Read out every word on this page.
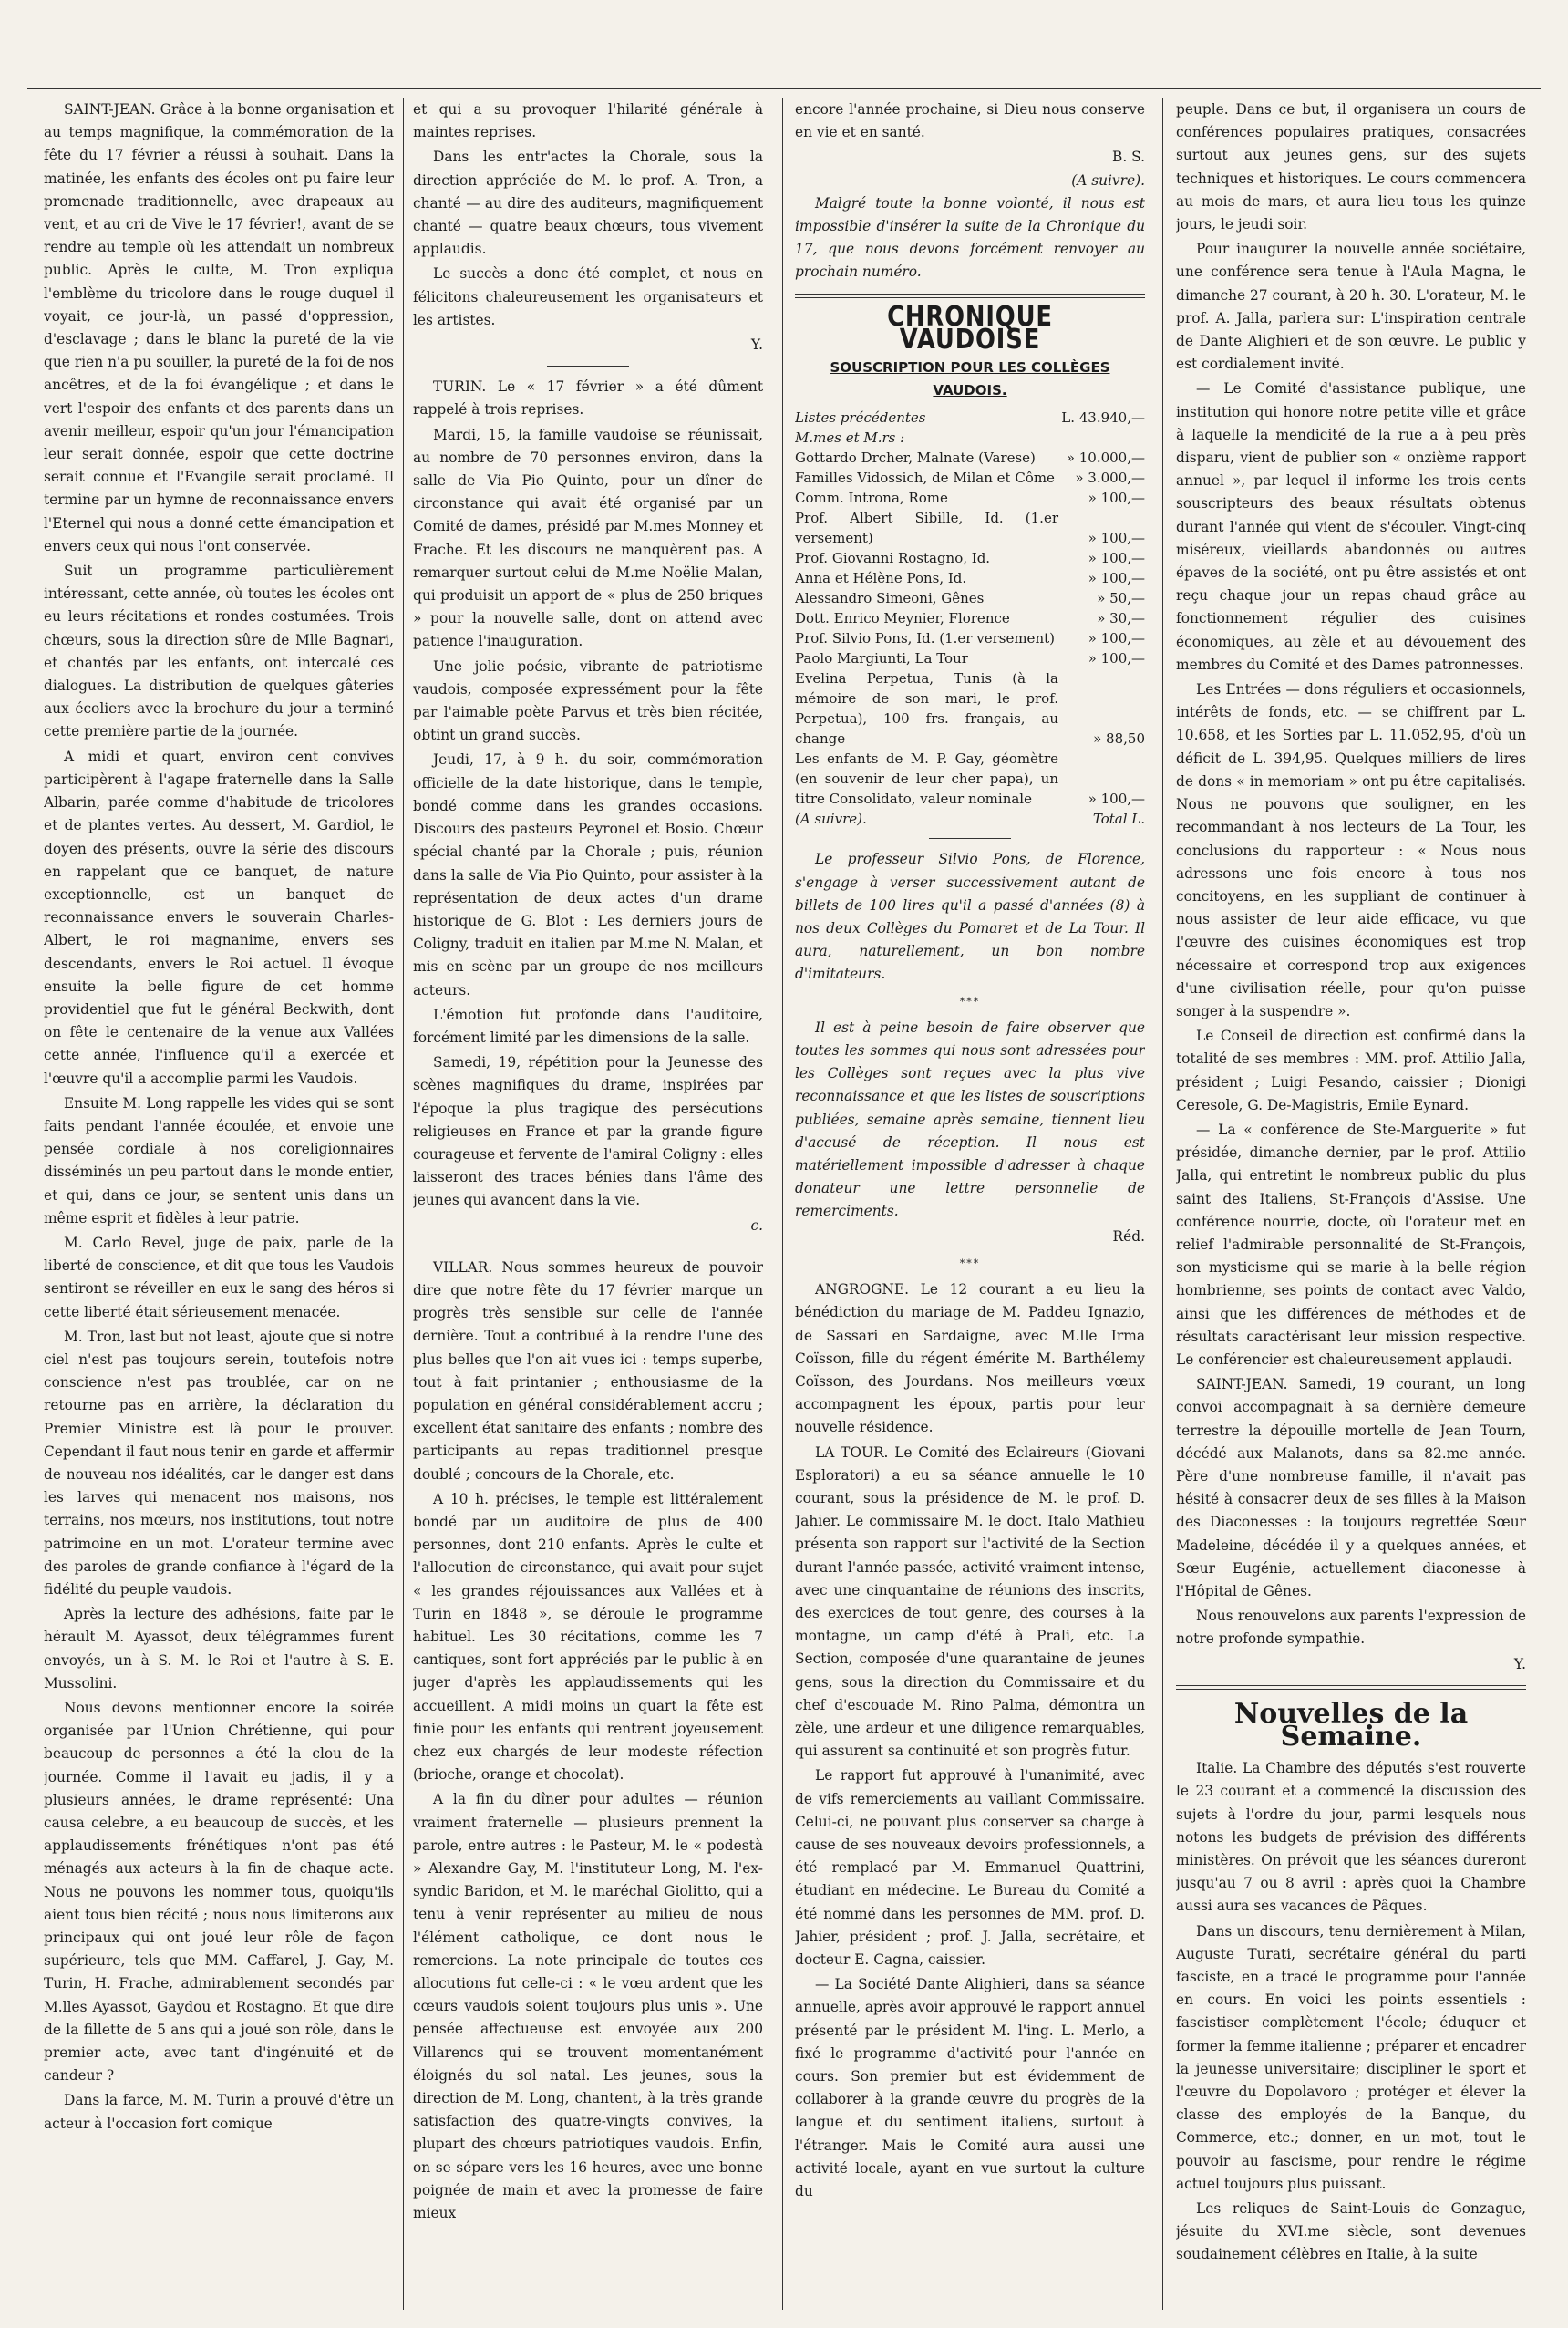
SAINT-JEAN. Grâce à la bonne organisation et au temps magnifique, la commémoration de la fête du 17 février a réussi à souhait. Dans la matinée, les enfants des écoles ont pu faire leur promenade traditionnelle, avec drapeaux au vent, et au cri de Vive le 17 février!, avant de se rendre au temple où les attendait un nombreux public. Après le culte, M. Tron expliqua l'emblème du tricolore dans le rouge duquel il voyait, ce jour-là, un passé d'oppression, d'esclavage ; dans le blanc la pureté de la vie que rien n'a pu souiller, la pureté de la foi de nos ancêtres, et de la foi évangélique ; et dans le vert l'espoir des enfants et des parents dans un avenir meilleur, espoir qu'un jour l'émancipation leur serait donnée, espoir que cette doctrine serait connue et l'Evangile serait proclamé. Il termine par un hymne de reconnaissance envers l'Eternel qui nous a donné cette émancipation et envers ceux qui nous l'ont conservée.

Suit un programme particulièrement intéressant, cette année, où toutes les écoles ont eu leurs récitations et rondes costumées. Trois chœurs, sous la direction sûre de Mlle Bagnari, et chantés par les enfants, ont intercalé ces dialogues. La distribution de quelques gâteries aux écoliers avec la brochure du jour a terminé cette première partie de la journée.

A midi et quart, environ cent convives participèrent à l'agape fraternelle dans la Salle Albarin, parée comme d'habitude de tricolores et de plantes vertes. Au dessert, M. Gardiol, le doyen des présents, ouvre la série des discours en rappelant que ce banquet, de nature exceptionnelle, est un banquet de reconnaissance envers le souverain Charles-Albert, le roi magnanime, envers ses descendants, envers le Roi actuel. Il évoque ensuite la belle figure de cet homme providentiel que fut le général Beckwith, dont on fête le centenaire de la venue aux Vallées cette année, l'influence qu'il a exercée et l'œuvre qu'il a accomplie parmi les Vaudois.

Ensuite M. Long rappelle les vides qui se sont faits pendant l'année écoulée, et envoie une pensée cordiale à nos coreligionnaires disséminés un peu partout dans le monde entier, et qui, dans ce jour, se sentent unis dans un même esprit et fidèles à leur patrie.

M. Carlo Revel, juge de paix, parle de la liberté de conscience, et dit que tous les Vaudois sentiront se réveiller en eux le sang des héros si cette liberté était sérieusement menacée.

M. Tron, last but not least, ajoute que si notre ciel n'est pas toujours serein, toutefois notre conscience n'est pas troublée, car on ne retourne pas en arrière, la déclaration du Premier Ministre est là pour le prouver. Cependant il faut nous tenir en garde et affermir de nouveau nos idéalités, car le danger est dans les larves qui menacent nos maisons, nos terrains, nos mœurs, nos institutions, tout notre patrimoine en un mot. L'orateur termine avec des paroles de grande confiance à l'égard de la fidélité du peuple vaudois.

Après la lecture des adhésions, faite par le hérault M. Ayassot, deux télégrammes furent envoyés, un à S. M. le Roi et l'autre à S. E. Mussolini.

Nous devons mentionner encore la soirée organisée par l'Union Chrétienne, qui pour beaucoup de personnes a été la clou de la journée. Comme il l'avait eu jadis, il y a plusieurs années, le drame représenté: Una causa celebre, a eu beaucoup de succès, et les applaudissements frénétiques n'ont pas été ménagés aux acteurs à la fin de chaque acte. Nous ne pouvons les nommer tous, quoiqu'ils aient tous bien récité ; nous nous limiterons aux principaux qui ont joué leur rôle de façon supérieure, tels que MM. Caffarel, J. Gay, M. Turin, H. Frache, admirablement secondés par M.lles Ayassot, Gaydou et Rostagno. Et que dire de la fillette de 5 ans qui a joué son rôle, dans le premier acte, avec tant d'ingénuité et de candeur ?

Dans la farce, M. M. Turin a prouvé d'être un acteur à l'occasion fort comique

et qui a su provoquer l'hilarité générale à maintes reprises.

Dans les entr'actes la Chorale, sous la direction appréciée de M. le prof. A. Tron, a chanté — au dire des auditeurs, magnifiquement chanté — quatre beaux chœurs, tous vivement applaudis.

Le succès a donc été complet, et nous en félicitons chaleureusement les organisateurs et les artistes.

Y.

TURIN. Le « 17 février » a été dûment rappelé à trois reprises.

Mardi, 15, la famille vaudoise se réunissait, au nombre de 70 personnes environ, dans la salle de Via Pio Quinto, pour un dîner de circonstance qui avait été organisé par un Comité de dames, présidé par M.mes Monney et Frache. Et les discours ne manquèrent pas. A remarquer surtout celui de M.me Noëlie Malan, qui produisit un apport de « plus de 250 briques » pour la nouvelle salle, dont on attend avec patience l'inauguration.

Une jolie poésie, vibrante de patriotisme vaudois, composée expressément pour la fête par l'aimable poète Parvus et très bien récitée, obtint un grand succès.

Jeudi, 17, à 9 h. du soir, commémoration officielle de la date historique, dans le temple, bondé comme dans les grandes occasions. Discours des pasteurs Peyronel et Bosio. Chœur spécial chanté par la Chorale ; puis, réunion dans la salle de Via Pio Quinto, pour assister à la représentation de deux actes d'un drame historique de G. Blot : Les derniers jours de Coligny, traduit en italien par M.me N. Malan, et mis en scène par un groupe de nos meilleurs acteurs.

L'émotion fut profonde dans l'auditoire, forcément limité par les dimensions de la salle.

Samedi, 19, répétition pour la Jeunesse des scènes magnifiques du drame, inspirées par l'époque la plus tragique des persécutions religieuses en France et par la grande figure courageuse et fervente de l'amiral Coligny : elles laisseront des traces bénies dans l'âme des jeunes qui avancent dans la vie.

c.

VILLAR. Nous sommes heureux de pouvoir dire que notre fête du 17 février marque un progrès très sensible sur celle de l'année dernière. Tout a contribué à la rendre l'une des plus belles que l'on ait vues ici : temps superbe, tout à fait printanier ; enthousiasme de la population en général considérablement accru ; excellent état sanitaire des enfants ; nombre des participants au repas traditionnel presque doublé ; concours de la Chorale, etc.

A 10 h. précises, le temple est littéralement bondé par un auditoire de plus de 400 personnes, dont 210 enfants. Après le culte et l'allocution de circonstance, qui avait pour sujet « les grandes réjouissances aux Vallées et à Turin en 1848 », se déroule le programme habituel. Les 30 récitations, comme les 7 cantiques, sont fort appréciés par le public à en juger d'après les applaudissements qui les accueillent. A midi moins un quart la fête est finie pour les enfants qui rentrent joyeusement chez eux chargés de leur modeste réfection (brioche, orange et chocolat).

A la fin du dîner pour adultes — réunion vraiment fraternelle — plusieurs prennent la parole, entre autres : le Pasteur, M. le « podestà » Alexandre Gay, M. l'instituteur Long, M. l'ex-syndic Baridon, et M. le maréchal Giolitto, qui a tenu à venir représenter au milieu de nous l'élément catholique, ce dont nous le remercions. La note principale de toutes ces allocutions fut celle-ci : « le vœu ardent que les cœurs vaudois soient toujours plus unis ». Une pensée affectueuse est envoyée aux 200 Villarencs qui se trouvent momentanément éloignés du sol natal. Les jeunes, sous la direction de M. Long, chantent, à la très grande satisfaction des quatre-vingts convives, la plupart des chœurs patriotiques vaudois. Enfin, on se sépare vers les 16 heures, avec une bonne poignée de main et avec la promesse de faire mieux

encore l'année prochaine, si Dieu nous conserve en vie et en santé.

B. S.
(A suivre).

Malgré toute la bonne volonté, il nous est impossible d'insérer la suite de la Chronique du 17, que nous devons forcément renvoyer au prochain numéro.

CHRONIQUE VAUDOISE
SOUSCRIPTION POUR LES COLLÈGES VAUDOIS.
Listes précédentes	L. 43.940,—
M.mes et M.rs :	
Gottardo Drcher, Malnate (Varese)	» 10.000,—
Familles Vidossich, de Milan et Côme	» 3.000,—
Comm. Introna, Rome	» 100,—
Prof. Albert Sibille, Id. (1.er versement)	» 100,—
Prof. Giovanni Rostagno, Id.	» 100,—
Anna et Hélène Pons, Id.	» 100,—
Alessandro Simeoni, Gênes	» 50,—
Dott. Enrico Meynier, Florence	» 30,—
Prof. Silvio Pons, Id. (1.er versement)	» 100,—
Paolo Margiunti, La Tour	» 100,—
Evelina Perpetua, Tunis (à la mémoire de son mari, le prof. Perpetua), 100 frs. français, au change	» 88,50
Les enfants de M. P. Gay, géomètre (en souvenir de leur cher papa), un titre Consolidato, valeur nominale	» 100,—
(A suivre).	Total L.

Le professeur Silvio Pons, de Florence, s'engage à verser successivement autant de billets de 100 lires qu'il a passé d'années (8) à nos deux Collèges du Pomaret et de La Tour. Il aura, naturellement, un bon nombre d'imitateurs.

***

Il est à peine besoin de faire observer que toutes les sommes qui nous sont adressées pour les Collèges sont reçues avec la plus vive reconnaissance et que les listes de souscriptions publiées, semaine après semaine, tiennent lieu d'accusé de réception. Il nous est matériellement impossible d'adresser à chaque donateur une lettre personnelle de remerciments.

Réd.
***

ANGROGNE. Le 12 courant a eu lieu la bénédiction du mariage de M. Paddeu Ignazio, de Sassari en Sardaigne, avec M.lle Irma Coïsson, fille du régent émérite M. Barthélemy Coïsson, des Jourdans. Nos meilleurs vœux accompagnent les époux, partis pour leur nouvelle résidence.

LA TOUR. Le Comité des Eclaireurs (Giovani Esploratori) a eu sa séance annuelle le 10 courant, sous la présidence de M. le prof. D. Jahier. Le commissaire M. le doct. Italo Mathieu présenta son rapport sur l'activité de la Section durant l'année passée, activité vraiment intense, avec une cinquantaine de réunions des inscrits, des exercices de tout genre, des courses à la montagne, un camp d'été à Prali, etc. La Section, composée d'une quarantaine de jeunes gens, sous la direction du Commissaire et du chef d'escouade M. Rino Palma, démontra un zèle, une ardeur et une diligence remarquables, qui assurent sa continuité et son progrès futur.

Le rapport fut approuvé à l'unanimité, avec de vifs remerciements au vaillant Commissaire. Celui-ci, ne pouvant plus conserver sa charge à cause de ses nouveaux devoirs professionnels, a été remplacé par M. Emmanuel Quattrini, étudiant en médecine. Le Bureau du Comité a été nommé dans les personnes de MM. prof. D. Jahier, président ; prof. J. Jalla, secrétaire, et docteur E. Cagna, caissier.

— La Société Dante Alighieri, dans sa séance annuelle, après avoir approuvé le rapport annuel présenté par le président M. l'ing. L. Merlo, a fixé le programme d'activité pour l'année en cours. Son premier but est évidemment de collaborer à la grande œuvre du progrès de la langue et du sentiment italiens, surtout à l'étranger. Mais le Comité aura aussi une activité locale, ayant en vue surtout la culture du

peuple. Dans ce but, il organisera un cours de conférences populaires pratiques, consacrées surtout aux jeunes gens, sur des sujets techniques et historiques. Le cours commencera au mois de mars, et aura lieu tous les quinze jours, le jeudi soir.

Pour inaugurer la nouvelle année sociétaire, une conférence sera tenue à l'Aula Magna, le dimanche 27 courant, à 20 h. 30. L'orateur, M. le prof. A. Jalla, parlera sur: L'inspiration centrale de Dante Alighieri et de son œuvre. Le public y est cordialement invité.

— Le Comité d'assistance publique, une institution qui honore notre petite ville et grâce à laquelle la mendicité de la rue a à peu près disparu, vient de publier son « onzième rapport annuel », par lequel il informe les trois cents souscripteurs des beaux résultats obtenus durant l'année qui vient de s'écouler. Vingt-cinq miséreux, vieillards abandonnés ou autres épaves de la société, ont pu être assistés et ont reçu chaque jour un repas chaud grâce au fonctionnement régulier des cuisines économiques, au zèle et au dévouement des membres du Comité et des Dames patronnesses.

Les Entrées — dons réguliers et occasionnels, intérêts de fonds, etc. — se chiffrent par L. 10.658, et les Sorties par L. 11.052,95, d'où un déficit de L. 394,95. Quelques milliers de lires de dons « in memoriam » ont pu être capitalisés. Nous ne pouvons que souligner, en les recommandant à nos lecteurs de La Tour, les conclusions du rapporteur : « Nous nous adressons une fois encore à tous nos concitoyens, en les suppliant de continuer à nous assister de leur aide efficace, vu que l'œuvre des cuisines économiques est trop nécessaire et correspond trop aux exigences d'une civilisation réelle, pour qu'on puisse songer à la suspendre ».

Le Conseil de direction est confirmé dans la totalité de ses membres : MM. prof. Attilio Jalla, président ; Luigi Pesando, caissier ; Dionigi Ceresole, G. De-Magistris, Emile Eynard.

— La « conférence de Ste-Marguerite » fut présidée, dimanche dernier, par le prof. Attilio Jalla, qui entretint le nombreux public du plus saint des Italiens, St-François d'Assise. Une conférence nourrie, docte, où l'orateur met en relief l'admirable personnalité de St-François, son mysticisme qui se marie à la belle région hombrienne, ses points de contact avec Valdo, ainsi que les différences de méthodes et de résultats caractérisant leur mission respective. Le conférencier est chaleureusement applaudi.

SAINT-JEAN. Samedi, 19 courant, un long convoi accompagnait à sa dernière demeure terrestre la dépouille mortelle de Jean Tourn, décédé aux Malanots, dans sa 82.me année. Père d'une nombreuse famille, il n'avait pas hésité à consacrer deux de ses filles à la Maison des Diaconesses : la toujours regrettée Sœur Madeleine, décédée il y a quelques années, et Sœur Eugénie, actuellement diaconesse à l'Hôpital de Gênes.

Nous renouvelons aux parents l'expression de notre profonde sympathie.

Y.
Nouvelles de la Semaine.

Italie. La Chambre des députés s'est rouverte le 23 courant et a commencé la discussion des sujets à l'ordre du jour, parmi lesquels nous notons les budgets de prévision des différents ministères. On prévoit que les séances dureront jusqu'au 7 ou 8 avril : après quoi la Chambre aussi aura ses vacances de Pâques.

Dans un discours, tenu dernièrement à Milan, Auguste Turati, secrétaire général du parti fasciste, en a tracé le programme pour l'année en cours. En voici les points essentiels : fascistiser complètement l'école; éduquer et former la femme italienne ; préparer et encadrer la jeunesse universitaire; discipliner le sport et l'œuvre du Dopolavoro ; protéger et élever la classe des employés de la Banque, du Commerce, etc.; donner, en un mot, tout le pouvoir au fascisme, pour rendre le régime actuel toujours plus puissant.

Les reliques de Saint-Louis de Gonzague, jésuite du XVI.me siècle, sont devenues soudainement célèbres en Italie, à la suite
